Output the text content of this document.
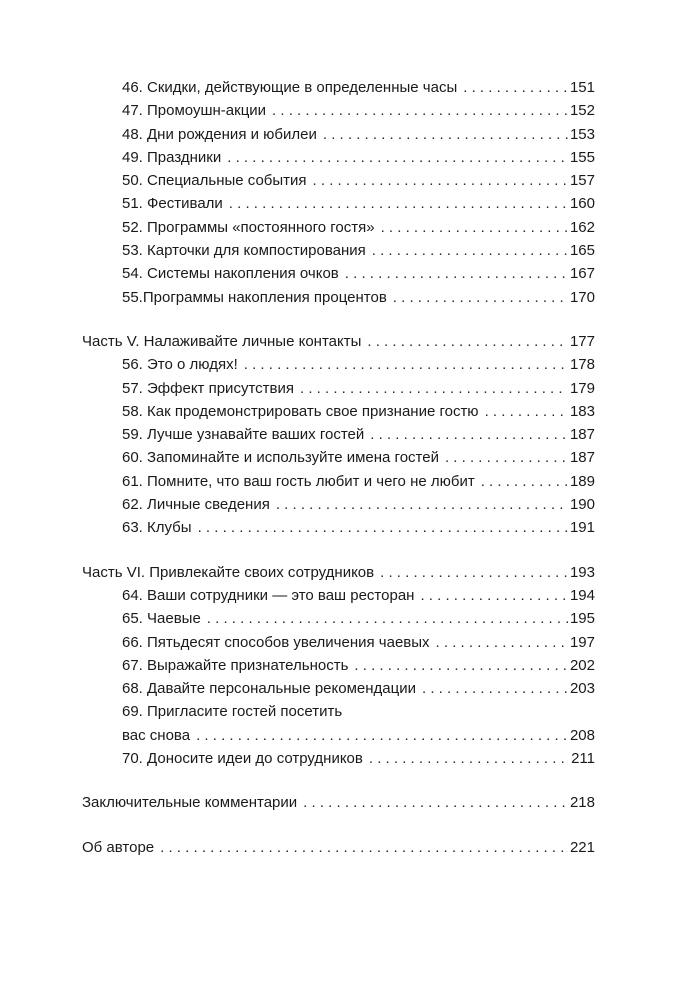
46. Скидки, действующие в определенные часы . . .	151
47. Промоушн-акции . . .	152
48. Дни рождения и юбилеи . . .	153
49. Праздники . . .	155
50. Специальные события . . .	157
51. Фестивали . . .	160
52. Программы «постоянного гостя» . . .	162
53. Карточки для компостирования . . .	165
54. Системы накопления очков . . .	167
55.Программы накопления процентов . . .	170
Часть V. Налаживайте личные контакты . . .	177
56. Это о людях! . . .	178
57. Эффект присутствия . . .	179
58. Как продемонстрировать свое признание гостю . . .	183
59. Лучше узнавайте ваших гостей . . .	187
60. Запоминайте и используйте имена гостей . . .	187
61. Помните, что ваш гость любит и чего не любит . . .	189
62. Личные сведения . . .	190
63. Клубы . . .	191
Часть VI. Привлекайте своих сотрудников . . .	193
64. Ваши сотрудники — это ваш ресторан . . .	194
65. Чаевые . . .	195
66. Пятьдесят способов увеличения чаевых . . .	197
67. Выражайте признательность . . .	202
68. Давайте персональные рекомендации . . .	203
69. Пригласите гостей посетить
вас снова . . .	208
70. Доносите идеи до сотрудников . . .	211
Заключительные комментарии . . .	218
Об авторе . . .	221
